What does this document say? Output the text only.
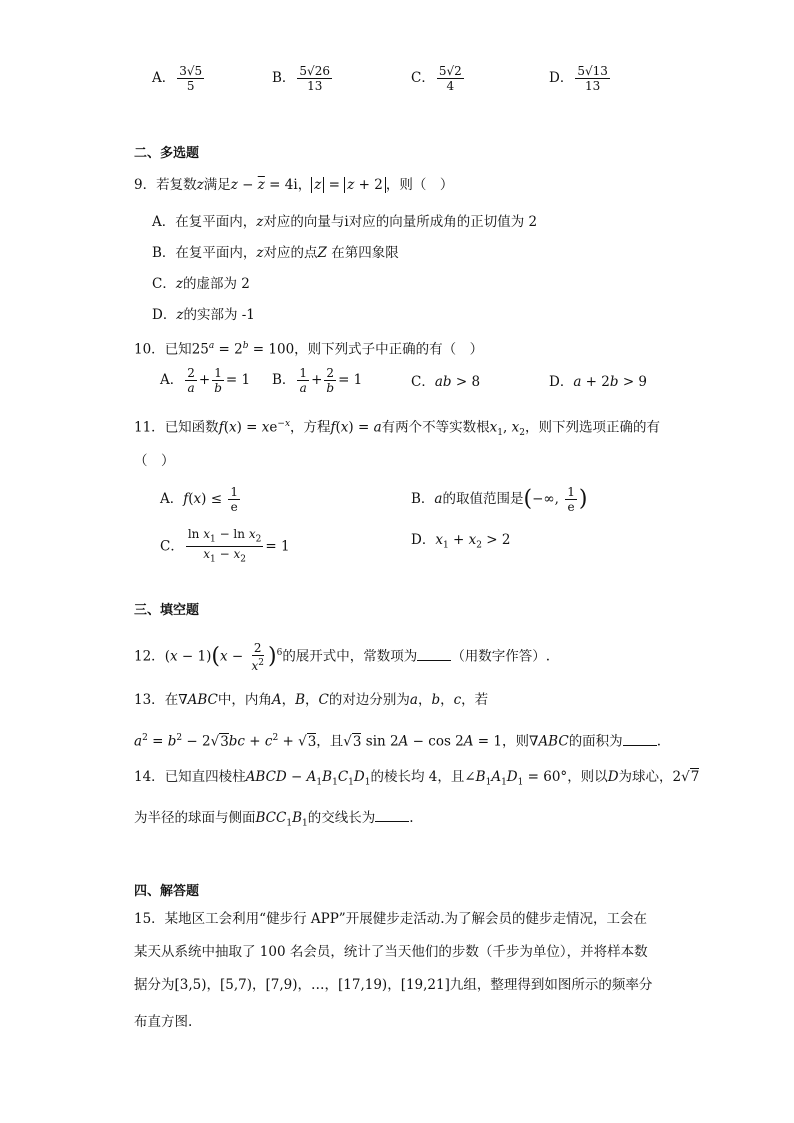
A． $\frac{3√5}{5}$	B． $\frac{5√26}{13}$	C． $\frac{5√2}{4}$	D． $\frac{5√13}{13}$
二、多选题
9．若复数z满足$z - \overline{z} = 4i$， z = z + 2 ，则（　）
A．在复平面内，z对应的向量与i对应的向量所成角的正切值为 2
B．在复平面内，z对应的点Z 在第四象限
C．z的虚部为 2
D．z的实部为 -1
10．已知$25^a = 2^b = 100$，则下列式子中正确的有（　）
A． $\frac{2}{a} + \frac{1}{b} = 1$ B． $\frac{1}{a} + \frac{2}{b} = 1$	C．ab > 8	D．a + 2b > 9
11．已知函数$f(x) = xe^{-x}$，方程f(x) = a有两个不等实数根$x_1$, $x_2$，则下列选项正确的有
（　）
A．$f(x) \le \frac{1}{e}$	B．a的取值范围是(−∞, $\frac{1}{e}$ )
C． $\frac{\ln x_1 - \ln x_2}{x_1 - x_2} = 1$	D．$x_1 + x_2 > 2$
三、填空题
12．$(x - 1)(x - \frac{2}{x^2} )^6$的展开式中，常数项为	（用数字作答）.
13．在∇ABC中，内角A，B，C的对边分别为a，b，c，若
$a^2 = b^2 - 2√3bc + c^2 + √3$，且√3 sin 2A − cos 2A = 1，则∇ABC的面积为	.
14．已知直四棱柱ABCD − $A_1B_1C_1D_1$的棱长均 4，且$\angle B_1A_1D_1 = 60^\circ$，则以D为球心，2√7
为半径的球面与侧面$BCC_1B_1$的交线长为	.
四、解答题
15．某地区工会利用“健步行 APP”开展健步走活动.为了解会员的健步走情况，工会在
某天从系统中抽取了 100 名会员，统计了当天他们的步数（千步为单位），并将样本数
据分为[3,5)，[5,7)，[7,9)，…，[17,19)，[19,21]九组，整理得到如图所示的频率分
布直方图.
